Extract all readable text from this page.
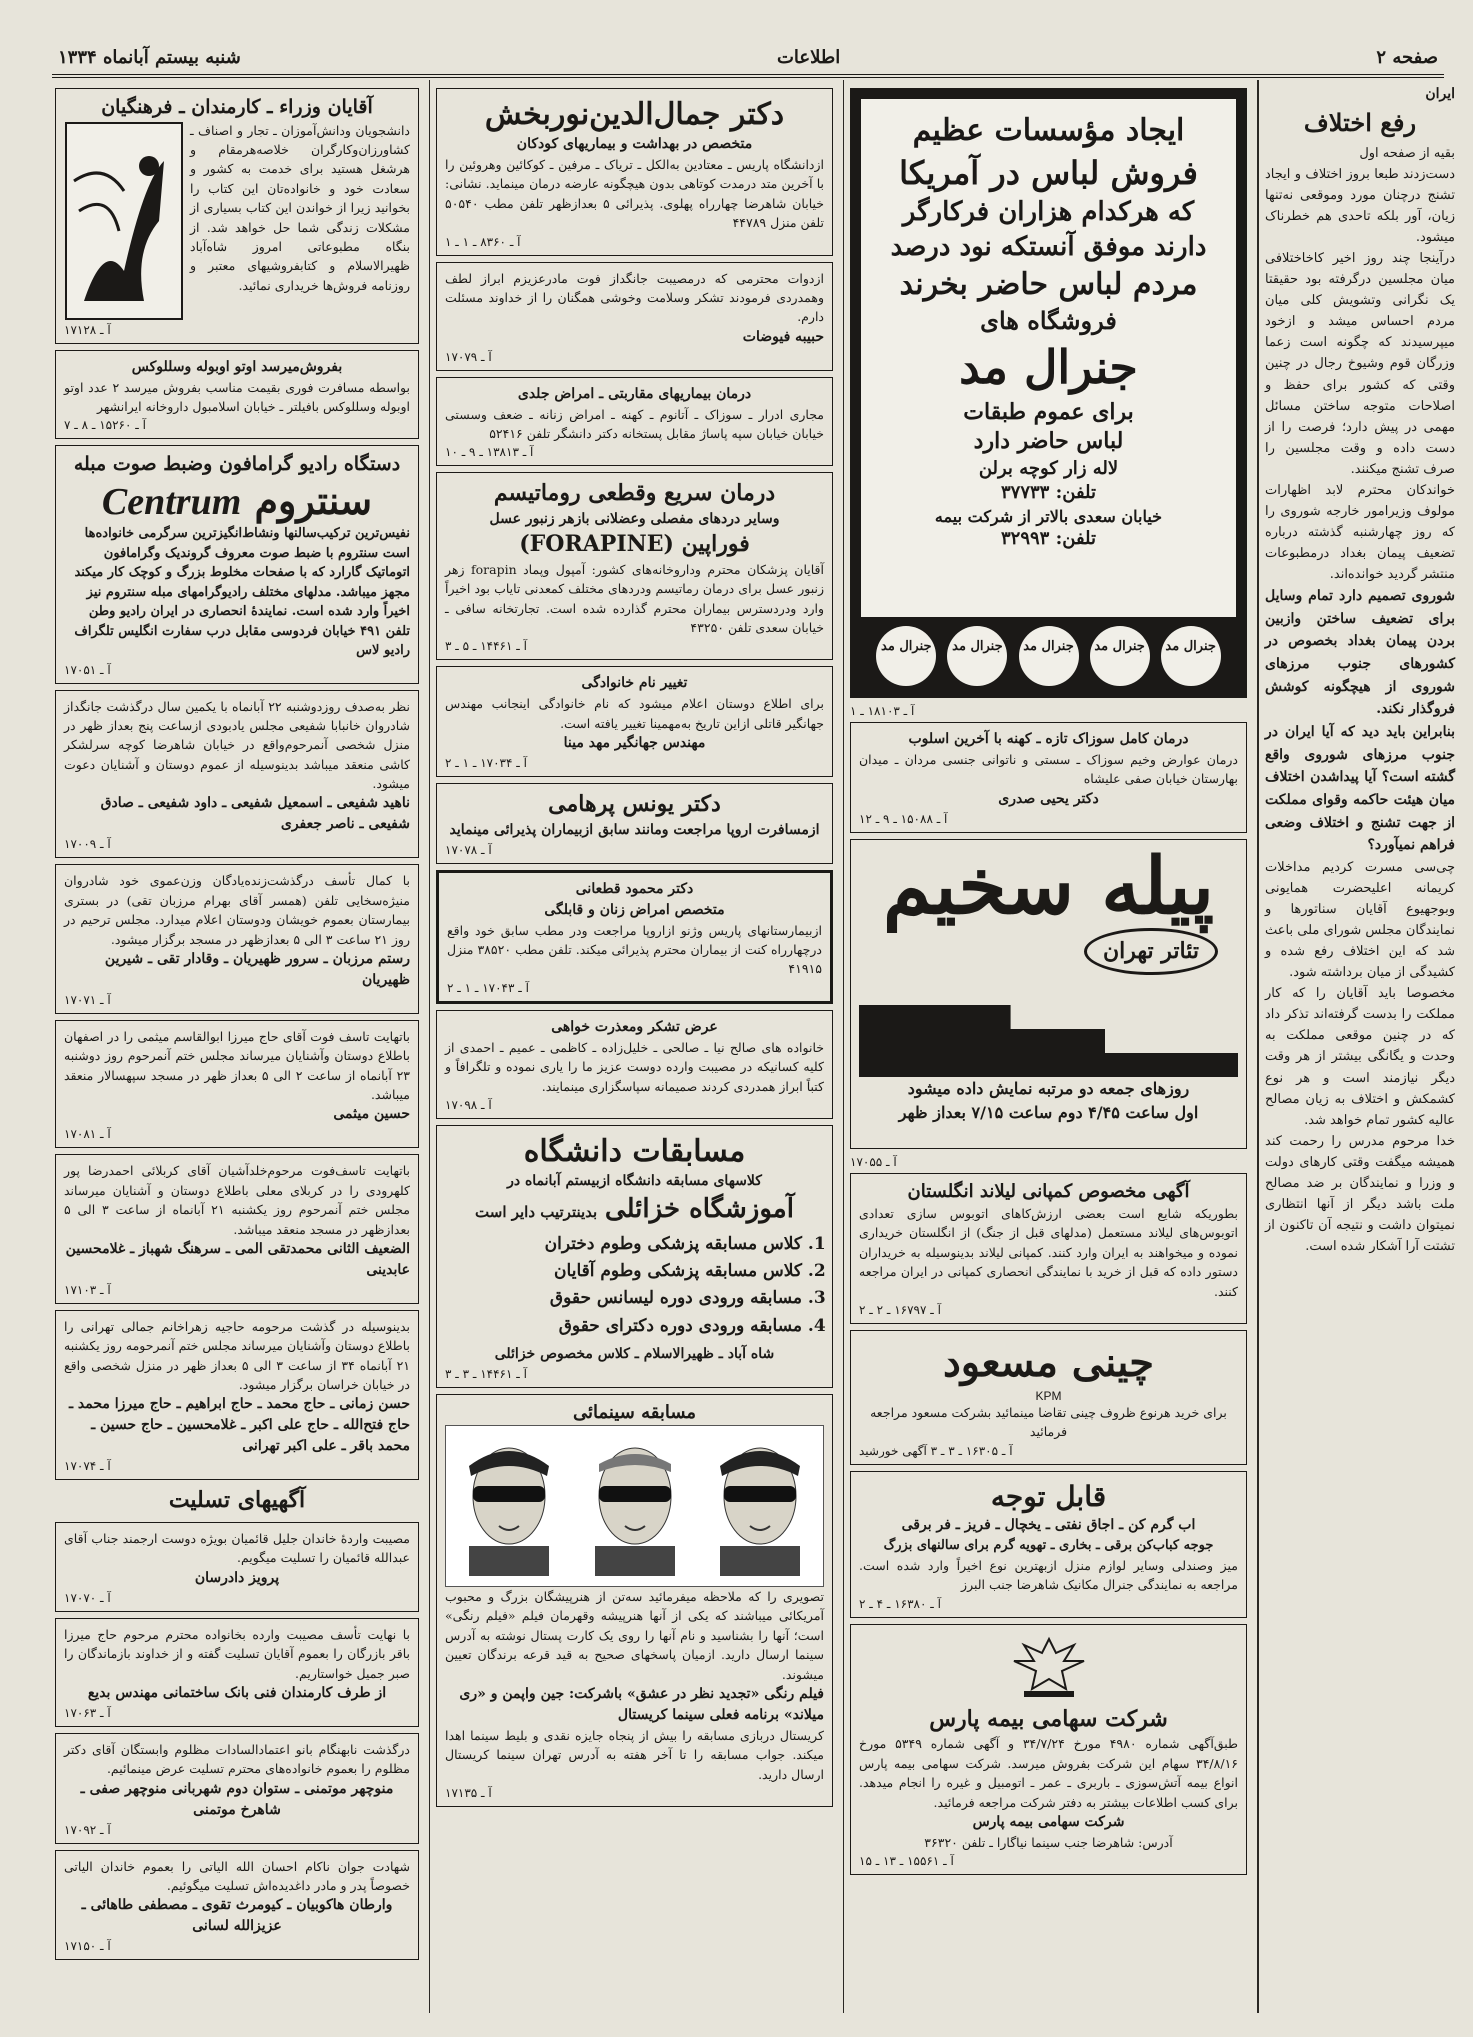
صفحه ۲
اطلاعات
شنبه بیستم آبانماه ۱۳۳۴
ایران
رفع اختلاف

بقیه از صفحه اول

دست‌زدند طبعا بروز اختلاف و ایجاد تشنج درچنان مورد وموقعی نه‌تنها زیان، آور بلکه تاحدی هم خطرناک میشود.

درآینجا چند روز اخیر کاخاختلافی میان مجلسین درگرفته بود حقیقتا یک نگرانی وتشویش کلی میان مردم احساس میشد و ازخود میپرسیدند که چگونه است زعما وزرگان قوم وشیوخ رجال در چنین وقتی که کشور برای حفظ و اصلاحات متوجه ساختن مسائل مهمی در پیش دارد؛ فرصت را از دست داده و وقت مجلسین را صرف تشنج میکنند.

خواندکان محترم لابد اظهارات مولوف وزیرامور خارجه شوروی را که روز چهارشنبه گذشته درباره تضعیف پیمان بغداد درمطبوعات منتشر گردید خوانده‌اند.

شوروی تصمیم دارد تمام وسایل برای تضعیف ساختن وازبین بردن پیمان بغداد بخصوص در کشورهای جنوب مرزهای شوروی از هیچگونه کوشش فروگذار نکند.

بنابراین باید دید که آیا ایران در جنوب مرزهای شوروی واقع گشته است؟ آیا پیداشدن اختلاف میان هیئت حاکمه وقوای مملکت از جهت تشنج و اختلاف وضعی فراهم نمیآورد؟

چی‌سی مسرت کردیم مداخلات کریمانه اعلیحضرت همایونی وبوجهیوع آقایان سناتورها و نمایندگان مجلس شورای ملی باعث شد که این اختلاف رفع شده و کشیدگی از میان برداشته شود.

مخصوصا باید آقایان را که کار مملکت را بدست گرفته‌اند تذکر داد که در چنین موقعی مملکت به وحدت و یگانگی بیشتر از هر وقت دیگر نیازمند است و هر نوع کشمکش و اختلاف به زیان مصالح عالیه کشور تمام خواهد شد.

خدا مرحوم مدرس را رحمت کند همیشه میگفت وقتی کارهای دولت و وزرا و نمایندگان بر ضد مصالح ملت باشد دیگر از آنها انتظاری نمیتوان داشت و نتیجه آن تاکنون از تشتت آرا آشکار شده است.

ایجاد مؤسسات عظیم
فروش لباس در آمریکا
که هرکدام هزاران فرکارگر
دارند موفق آنستکه نود درصد
مردم لباس حاضر بخرند
فروشگاه های
جنرال مد
برای عموم طبقات
لباس حاضر دارد
لاله زار کوچه برلن
تلفن: ۳۷۷۳۳
خیابان سعدی بالاتر از شرکت بیمه
تلفن: ۳۲۹۹۳
جنرال مد جنرال مد جنرال مد جنرال مد جنرال مد
آ ـ ۱۸۱۰۳ ـ ۱
درمان کامل سوزاک تازه ـ کهنه با آخرین اسلوب
درمان عوارض وخیم سوزاک ـ سستی و ناتوانی جنسی مردان ـ میدان بهارستان خیابان صفی علیشاه
دکتر یحیی صدری
آ ـ ۱۵۰۸۸ ـ ۹ ـ ۱۲
پیله سخیم
تئاتر تهران
روزهای جمعه دو مرتبه نمایش داده میشود
اول ساعت ۴/۴۵ دوم ساعت ۷/۱۵ بعداز ظهر
آ ـ ۱۷۰۵۵
آگهی مخصوص کمپانی لیلاند انگلستان
بطوریکه شایع است بعضی ارزش‌کاهای اتوبوس سازی تعدادی اتوبوس‌های لیلاند مستعمل (مدلهای قبل از جنگ) از انگلستان خریداری نموده و میخواهند به ایران وارد کنند. کمپانی لیلاند بدینوسیله به‌ خریداران دستور داده که قبل از خرید با نمایندگی انحصاری کمپانی در ایران مراجعه کنند.
آ ـ ۱۶۷۹۷ ـ ۲ ـ ۲
چینی مسعود
KPM
برای خرید هرنوع ظروف چینی تقاضا مینمائید بشرکت مسعود مراجعه فرمائید
آ ـ ۱۶۳۰۵ ـ ۳ ـ ۳ آگهی خورشید
قابل توجه
اب گرم کن ـ اجاق نفتی ـ یخچال ـ فریز ـ فر برقی
جوجه کباب‌کن برقی ـ بخاری ـ تهویه گرم برای سالنهای بزرگ
میز وصندلی وسایر لوازم منزل ازبهترین نوع اخیراً وارد شده است. مراجعه به نمایندگی جنرال مکانیک شاهرضا جنب البرز
آ ـ ۱۶۳۸۰ ـ ۴ ـ ۲
شرکت سهامی بیمه پارس
طبق‌آگهی شماره ۴۹۸۰ مورخ ۳۴/۷/۲۴ و آگهی شماره ۵۳۴۹ مورخ ۳۴/۸/۱۶ سهام این شرکت بفروش میرسد. شرکت سهامی بیمه پارس انواع بیمه آتش‌سوزی ـ باربری ـ عمر ـ اتومبیل و غیره را انجام میدهد. برای کسب اطلاعات بیشتر به دفتر شرکت مراجعه فرمائید.
شرکت سهامی بیمه پارس
آدرس: شاهرضا جنب سینما نیاگارا ـ تلفن ۳۶۳۲۰
آ ـ ۱۵۵۶۱ ـ ۱۳ ـ ۱۵
دکتر جمال‌الدین‌نوربخش
متخصص در بهداشت و بیماریهای کودکان
ازدانشگاه پاریس ـ معتادین به‌الکل ـ تریاک ـ مرفین ـ کوکائین وهروئین را با آخرین متد درمدت کوتاهی بدون هیچگونه عارضه درمان مینماید. نشانی: خیابان شاهرضا چهارراه پهلوی. پذیرائی ۵ بعدازظهر تلفن مطب ۵۰۵۴۰ تلفن منزل ۴۴۷۸۹
آ ـ ۸۳۶۰ ـ ۱ ـ ۱
ازدوات محترمی که درمصیبت جانگداز فوت مادرعزیزم ابراز لطف وهمدردی فرمودند تشکر وسلامت‌ وخوشی همگنان را از خداوند مسئلت دارم.
حبیبه فیوضات
آ ـ ۱۷۰۷۹
درمان بیماریهای مقاربتی ـ امراض جلدی
مجاری ادرار ـ سوزاک ـ آتانوم ـ کهنه ـ امراض زنانه ـ ضعف وسستی خیابان خیابان سپه پاساژ مقابل پستخانه دکتر دانشگر تلفن ۵۲۴۱۶
آ ـ ۱۳۸۱۳ ـ ۹ ـ ۱۰
درمان سریع وقطعی روماتیسم
وسایر دردهای مفصلی وعضلانی بازهر زنبور عسل
فوراپین (FORAPINE)
آقایان پزشکان محترم وداروخانه‌های کشور: آمپول وپماد forapin زهر زنبور عسل برای درمان رماتیسم ودردهای مختلف کمعدنی تایاب بود اخیراً وارد ودردسترس بیماران محترم گذارده شده است. تجارتخانه سافی ـ خیابان سعدی تلفن ۴۳۲۵۰
آ ـ ۱۴۴۶۱ ـ ۵ ـ ۳
تغییر نام خانوادگی
برای اطلاع دوستان اعلام میشود که نام خانوادگی اینجانب مهندس جهانگیر قاتلی ازاین تاریخ به‌مهمینا تغییر یافته است.
مهندس جهانگیر مهد مینا
آ ـ ۱۷۰۳۴ ـ ۱ ـ ۲
دکتر یونس پرهامی
ازمسافرت اروپا مراجعت ومانند سابق ازبیماران پذیرائی مینماید
آ ـ ۱۷۰۷۸
دکتر محمود قطعانی
متخصص امراض زنان و قابلگی
ازبیمارستانهای پاریس وژنو ازاروپا مراجعت ودر مطب سابق خود واقع درچهارراه کنت از بیماران محترم پذیرائی میکند. تلفن مطب ۳۸۵۲۰ منزل ۴۱۹۱۵
آ ـ ۱۷۰۴۳ ـ ۱ ـ ۲
عرض تشکر ومعذرت خواهی
خانواده های صالح نیا ـ صالحی ـ خلیل‌زاده ـ کاظمی ـ عمیم ـ احمدی از کلیه کسانیکه در مصیبت وارده دوست عزیز ما را یاری نموده و تلگرافاً و کتباً ابراز همدردی کردند صمیمانه سپاسگزاری مینمایند.
آ ـ ۱۷۰۹۸
مسابقات دانشگاه
کلاسهای مسابقه دانشگاه ازبیستم آبانماه در
آموزشگاه خزائلی بدینترتیب دایر است
1. کلاس مسابقه پزشکی وطوم دختران
2. کلاس مسابقه پزشکی وطوم آقایان
3. مسابقه ورودی دوره لیسانس حقوق
4. مسابقه ورودی دوره دکترای حقوق
شاه آباد ـ ظهیرالاسلام ـ کلاس مخصوص خزائلی
آ ـ ۱۴۴۶۱ ـ ۳ ـ ۳
مسابقه سینمائی
تصویری را که ملاحظه میفرمائید سه‌تن از هنرپیشگان بزرگ و محبوب آمریکائی میباشند که یکی از آنها هنرپیشه وقهرمان فیلم «فیلم‌ رنگی» است؛ آنها را بشناسید و نام آنها را روی یک کارت پستال نوشته به آدرس سینما ارسال دارید. ازمیان پاسخهای صحیح به قید قرعه برندگان تعیین میشوند.
فیلم رنگی «تجدید نظر در عشق» باشرکت: جین واپمن و «ری میلاند» برنامه فعلی سینما کریستال
کریستال دربازی مسابقه را بیش از پنجاه جایزه نقدی و بلیط سینما اهدا میکند. جواب مسابقه را تا آخر هفته به‌ آدرس تهران سینما کریستال ارسال دارید.
آ ـ ۱۷۱۳۵
آقایان وزراء ـ کارمندان ـ فرهنگیان
دانشجویان ودانش‌آموزان ـ تجار و اصناف ـ کشاورزان‌وکارگران خلاصه‌هرمقام و هرشغل هستید برای خدمت به کشور و سعادت خود و خانواده‌تان این کتاب را بخوانید زیرا از خواندن این کتاب بسیاری از مشکلات زندگی شما حل خواهد شد. از بنگاه مطبوعاتی امروز شاه‌آباد ظهیرالاسلام و کتابفروشیهای معتبر و روزنامه فروش‌ها خریداری نمائید.
آ ـ ۱۷۱۲۸
بفروش‌میرسد اوتو اوبوله وسللوکس
بواسطه مسافرت فوری بقیمت مناسب بفروش میرسد ۲ عدد اوتو اوبوله وسللوکس بافیلتر ـ خیابان اسلامبول داروخانه ایرانشهر
آ ـ ۱۵۲۶۰ ـ ۸ ـ ۷
دستگاه رادیو گرامافون وضبط صوت مبله
سنتروم Centrum
نفیس‌ترین ترکیب‌سالنها ونشاط‌انگیزترین سرگرمی خانواده‌ها است سنتروم با ضبط صوت معروف گروندیک وگرامافون اتوماتیک گارارد که با صفحات مخلوط بزرگ و کوچک کار میکند مجهز میباشد. مدلهای مختلف رادیوگرامهای مبله سنتروم نیز اخیراً وارد شده است. نمایندهٔ انحصاری در ایران رادیو وطن تلفن ۴۹۱ خیابان فردوسی مقابل درب سفارت انگلیس تلگراف رادیو لاس
آ ـ ۱۷۰۵۱
نظر به‌صدف روزدوشنبه ۲۲ آبانماه با یکمین سال درگذشت جانگداز شادروان خانبابا شفیعی مجلس یادبودی ازساعت پنج بعداز ظهر در منزل شخصی آنمرحوم‌واقع در خیابان شاهرضا کوچه سرلشکر کاشی منعقد میباشد بدینوسیله از عموم دوستان و آشنایان دعوت میشود.
ناهید شفیعی ـ اسمعیل شفیعی ـ داود شفیعی ـ صادق شفیعی ـ ناصر جعفری
آ ـ ۱۷۰۰۹
با کمال تأسف درگذشت‌زنده‌یادگان وزن‌عموی خود شادروان منیژه‌سخایی تلفن (همسر آقای بهرام مرزبان تقی) در بستری بیمارستان بعموم خویشان ودوستان اعلام میدارد. مجلس ترحیم در روز ۲۱ ساعت ۳ الی ۵ بعدازظهر در مسجد برگزار میشود.
رستم مرزبان ـ سرور ظهیریان ـ وقادار تقی ـ شیرین ظهیریان
آ ـ ۱۷۰۷۱
باتهایت تاسف فوت آقای حاج میرزا ابوالقاسم میثمی را در اصفهان باطلاع دوستان وآشنایان میرساند مجلس ختم آنمرحوم روز دوشنبه ۲۳ آبانماه از ساعت ۲ الی ۵ بعداز ظهر در مسجد سپهسالار منعقد میباشد.
حسین میثمی
آ ـ ۱۷۰۸۱
باتهایت تاسف‌فوت مرحوم‌خلدآشیان آقای کربلائی احمدرضا پور کلهرودی را در کربلای معلی باطلاع دوستان و آشنایان میرساند مجلس ختم آنمرحوم روز یکشنبه ۲۱ آبانماه از ساعت ۳ الی ۵ بعدازظهر در مسجد منعقد میباشد.
الضعیف الثانی محمدتقی المی ـ سرهنگ شهباز ـ غلامحسین عابدینی
آ ـ ۱۷۱۰۳
بدینوسیله در گذشت مرحومه حاجیه زهراخانم جمالی تهرانی را باطلاع دوستان وآشنایان میرساند مجلس ختم آنمرحومه روز یکشنبه ۲۱ آبانماه ۳۴ از ساعت ۳ الی ۵ بعداز ظهر در منزل شخصی واقع در خیابان خراسان برگزار میشود.
حسن زمانی ـ حاج محمد ـ حاج ابراهیم ـ حاج میرزا محمد ـ حاج فتح‌الله ـ حاج علی اکبر ـ غلامحسین ـ حاج حسین ـ محمد باقر ـ علی اکبر تهرانی
آ ـ ۱۷۰۷۴
آگهیهای تسلیت
مصیبت واردهٔ خاندان جلیل قائمیان بویژه دوست ارجمند جناب آقای عبدالله قائمیان را تسلیت میگویم.
پرویز دادرسان
آ ـ ۱۷۰۷۰
با نهایت تأسف مصیبت وارده بخانواده محترم مرحوم حاج میرزا باقر بازرگان را بعموم آقایان تسلیت گفته و از خداوند بازماندگان را صبر جمیل خواستاریم.
از طرف کارمندان فنی بانک ساختمانی مهندس بدیع
آ ـ ۱۷۰۶۳
درگذشت نابهنگام بانو اعتمادالسادات مظلوم وابستگان آقای دکتر مظلوم را بعموم خانواده‌های محترم تسلیت عرض مینمائیم.
منوچهر موتمنی ـ ستوان دوم شهربانی منوچهر صفی ـ شاهرخ موتمنی
آ ـ ۱۷۰۹۲
شهادت جوان ناکام احسان الله الیاتی را بعموم خاندان الیاتی خصوصاً پدر و مادر داغدیده‌اش تسلیت میگوئیم.
وارطان هاکوبیان ـ کیومرث تقوی ـ مصطفی طاهائی ـ عزیزالله لسانی
آ ـ ۱۷۱۵۰
